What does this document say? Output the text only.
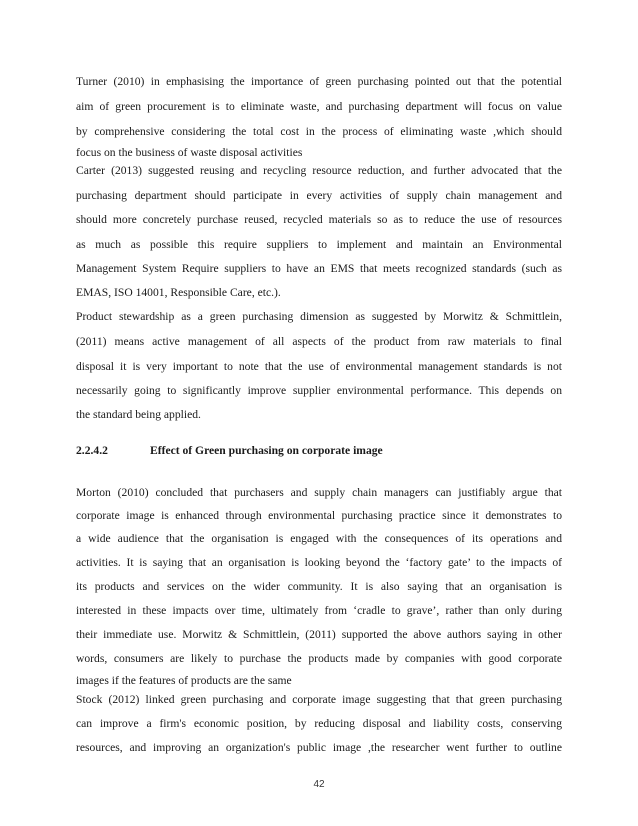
Turner (2010) in emphasising the importance of green purchasing pointed out that the potential
aim of green procurement is to eliminate waste, and purchasing department will focus on value
by comprehensive considering the total cost in the process of eliminating waste ,which should
focus on the business of waste disposal activities
Carter (2013) suggested reusing and recycling resource reduction, and further advocated that the
purchasing department should participate in every activities of supply chain management and
should more concretely purchase reused, recycled materials so as to reduce the use of resources
as much as possible this require suppliers to implement and maintain an Environmental
Management System Require suppliers to have an EMS that meets recognized standards (such as
EMAS, ISO 14001, Responsible Care, etc.).
Product stewardship as a green purchasing dimension as suggested by Morwitz & Schmittlein,
(2011) means active management of all aspects of the product from raw materials to final
disposal it is very important to note that the use of environmental management standards is not
necessarily going to significantly improve supplier environmental performance. This depends on
the standard being applied.
2.2.4.2	Effect of Green purchasing on corporate image
Morton (2010) concluded that purchasers and supply chain managers can justifiably argue that
corporate image is enhanced through environmental purchasing practice since it demonstrates to
a wide audience that the organisation is engaged with the consequences of its operations and
activities. It is saying that an organisation is looking beyond the ‘factory gate’ to the impacts of
its products and services on the wider community. It is also saying that an organisation is
interested in these impacts over time, ultimately from ‘cradle to grave’, rather than only during
their immediate use. Morwitz & Schmittlein, (2011) supported the above authors saying in other
words, consumers are likely to purchase the products made by companies with good corporate
images if the features of products are the same
Stock (2012) linked green purchasing and corporate image suggesting that that green purchasing
can improve a firm's economic position, by reducing disposal and liability costs, conserving
resources, and improving an organization's public image ,the researcher went further to outline
42
